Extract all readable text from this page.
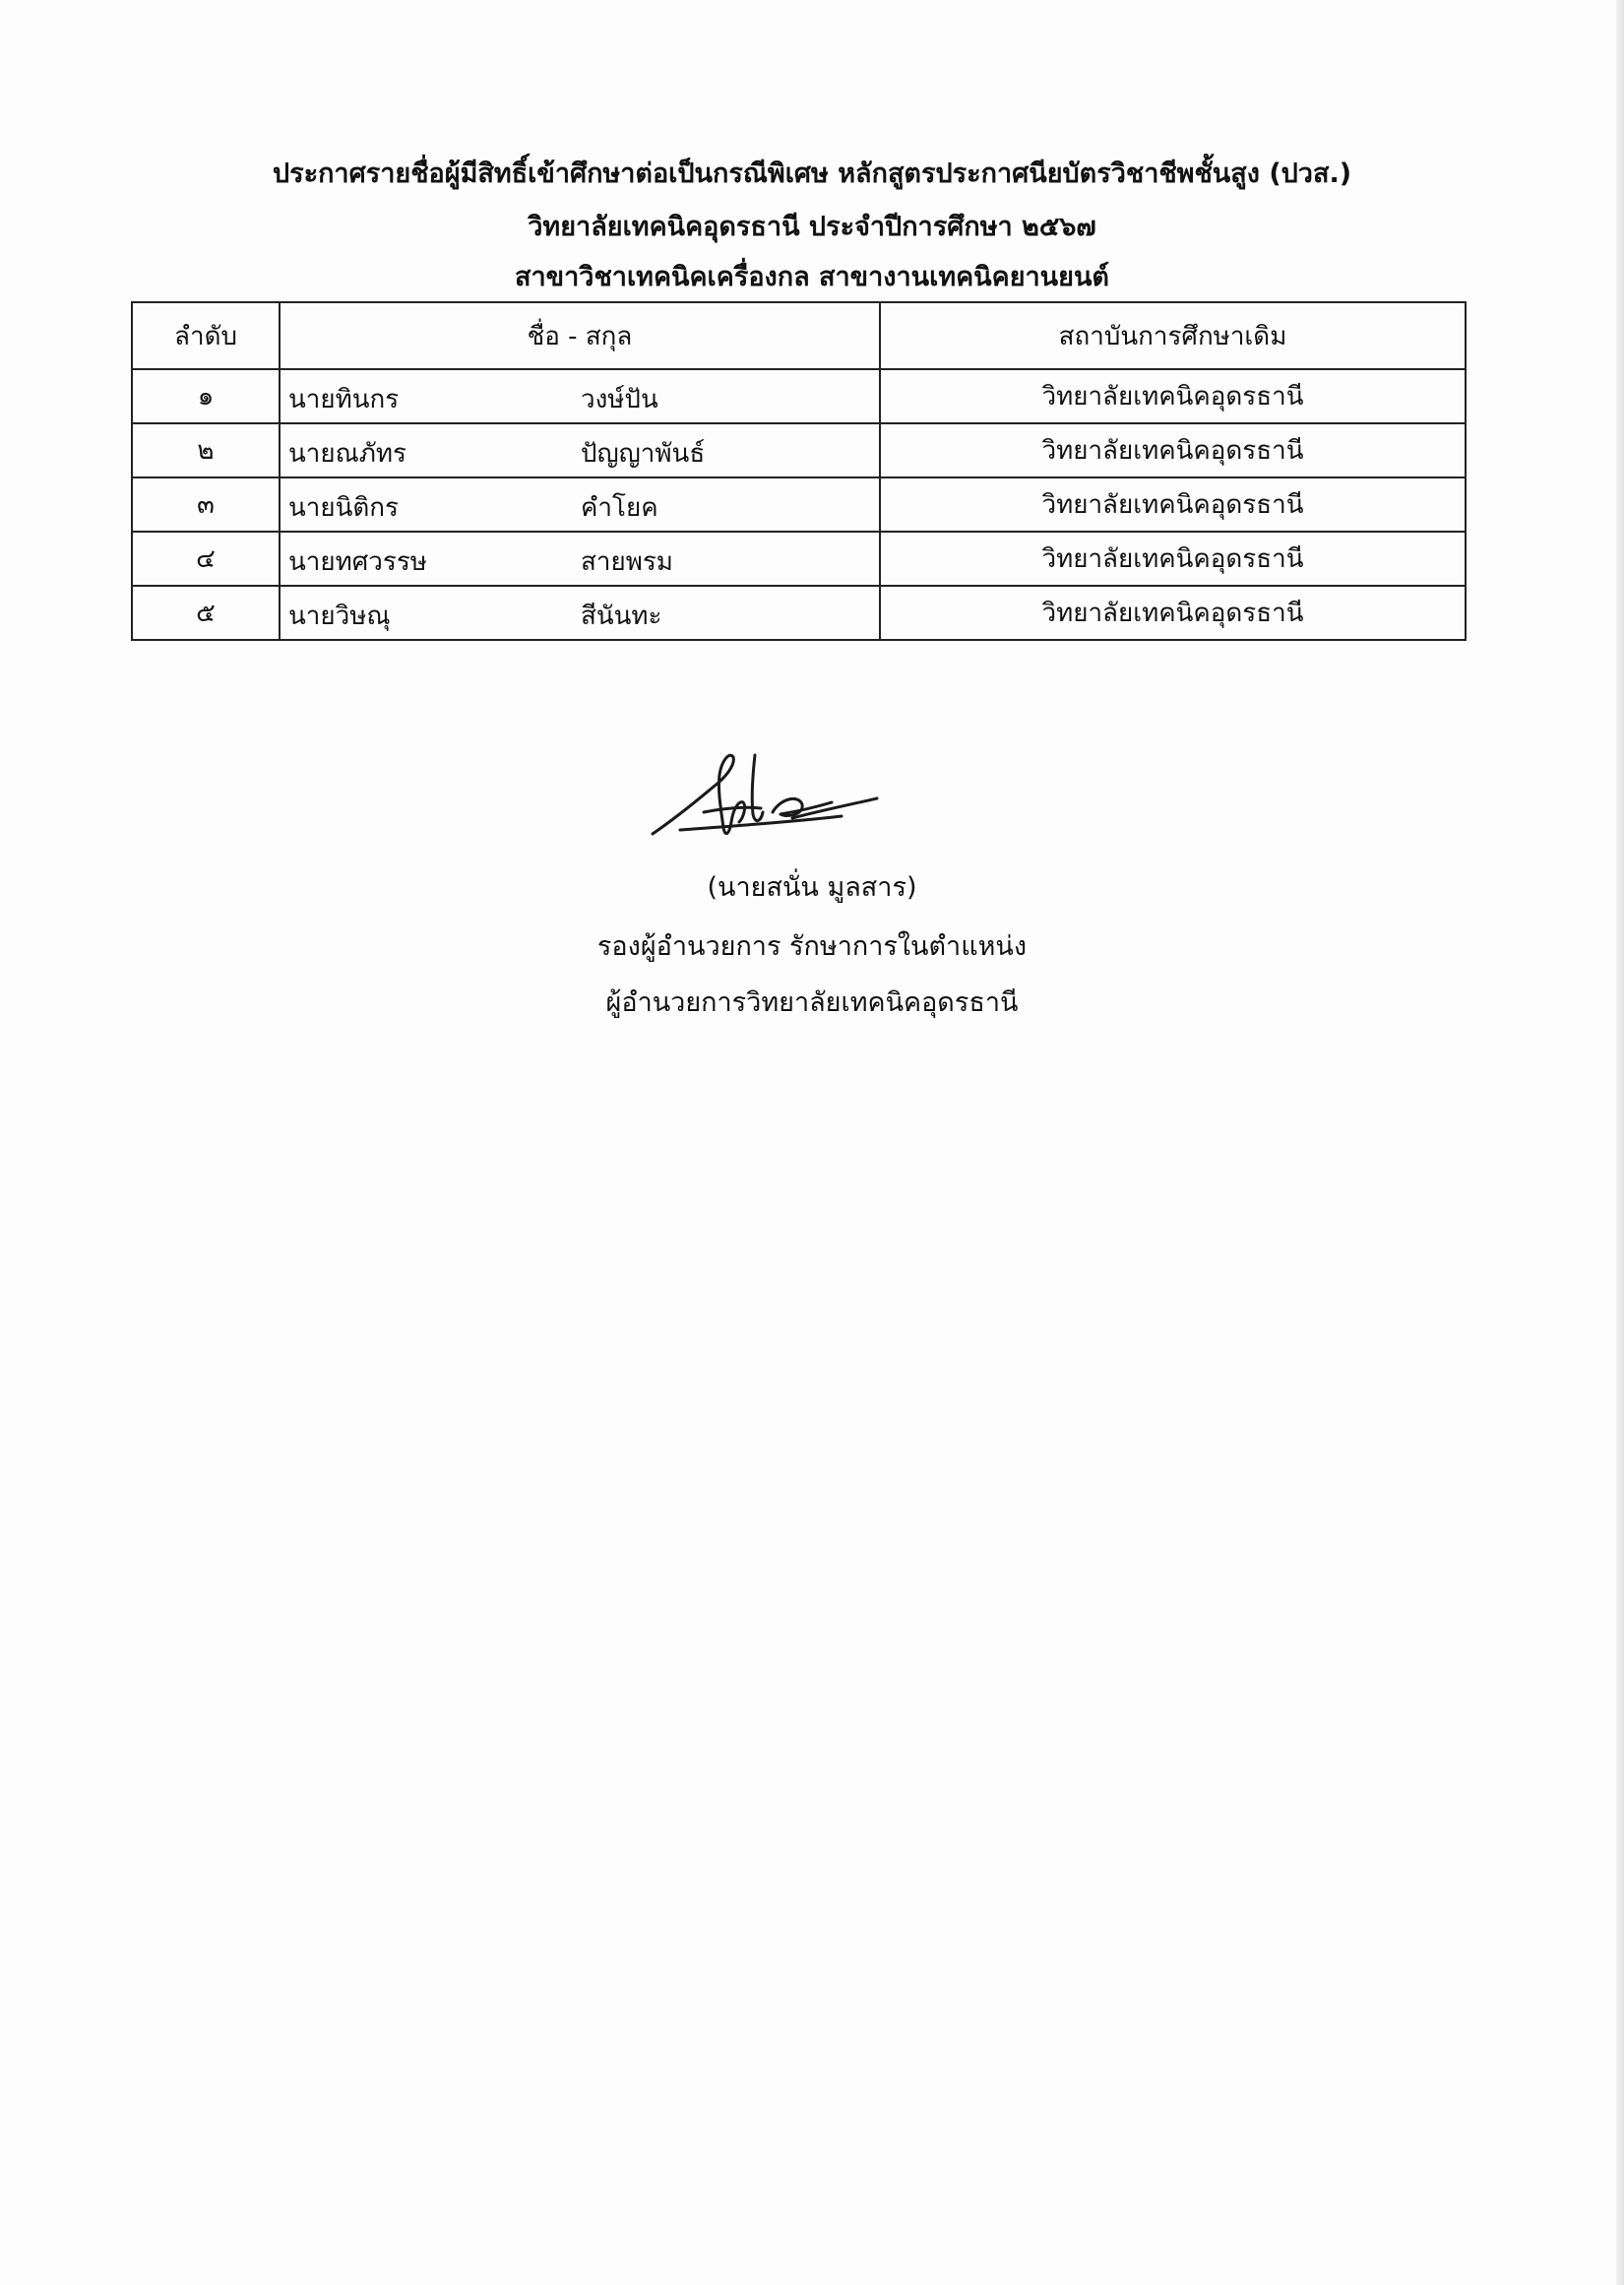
ประกาศรายชื่อผู้มีสิทธิ์เข้าศึกษาต่อเป็นกรณีพิเศษ หลักสูตรประกาศนียบัตรวิชาชีพชั้นสูง (ปวส.)
วิทยาลัยเทคนิคอุดรธานี ประจำปีการศึกษา ๒๕๖๗
สาขาวิชาเทคนิคเครื่องกล สาขางานเทคนิคยานยนต์
ลำดับ	ชื่อ - สกุล	สถาบันการศึกษาเดิม
๑	นายทินกร วงษ์ปัน	วิทยาลัยเทคนิคอุดรธานี
๒	นายณภัทร ปัญญาพันธ์	วิทยาลัยเทคนิคอุดรธานี
๓	นายนิติกร คำโยค	วิทยาลัยเทคนิคอุดรธานี
๔	นายทศวรรษ สายพรม	วิทยาลัยเทคนิคอุดรธานี
๕	นายวิษณุ สีนันทะ	วิทยาลัยเทคนิคอุดรธานี
(นายสนั่น มูลสาร)
รองผู้อำนวยการ รักษาการในตำแหน่ง
ผู้อำนวยการวิทยาลัยเทคนิคอุดรธานี
